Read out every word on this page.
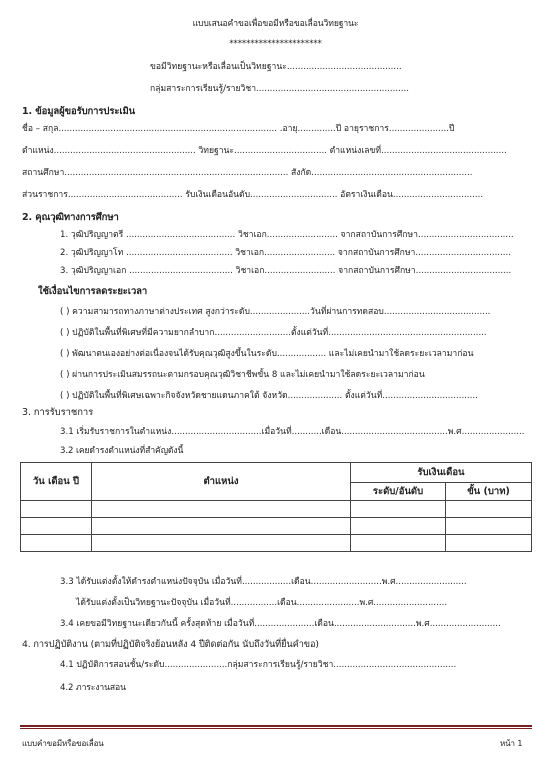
แบบเสนอคำขอเพื่อขอมีหรือขอเลื่อนวิทยฐานะ
**********************
ขอมีวิทยฐานะหรือเลื่อนเป็นวิทยฐานะ..........................................
กลุ่มสาระการเรียนรู้/รายวิชา........................................................
1. ข้อมูลผู้ขอรับการประเมิน
ชื่อ – สกุล................................................................................ .อายุ..............ปี อายุราชการ......................ปี
ตำแหน่ง.................................................... วิทยฐานะ.................................. ตำแหน่งเลขที่..............................................
สถานศึกษา.................................................................................. สังกัด...........................................................
ส่วนราชการ.......................................... รับเงินเดือนอันดับ................................ อัตราเงินเดือน.................................
2. คุณวุฒิทางการศึกษา
1. วุฒิปริญญาตรี ........................................ วิชาเอก.......................... จากสถาบันการศึกษา...................................
2. วุฒิปริญญาโท ....................................... วิชาเอก.......................... จากสถาบันการศึกษา...................................
3. วุฒิปริญญาเอก ...................................... วิชาเอก.......................... จากสถาบันการศึกษา...................................
ใช้เงื่อนไขการลดระยะเวลา
( ) ความสามารถทางภาษาต่างประเทศ สูงกว่าระดับ......................วันที่ผ่านการทดสอบ.......................................
( ) ปฏิบัติในพื้นที่พิเศษที่มีความยากลำบาก............................ตั้งแต่วันที่..........................................................
( ) พัฒนาตนเองอย่างต่อเนื่องจนได้รับคุณวุฒิสูงขึ้นในระดับ.................. และไม่เคยนำมาใช้ลดระยะเวลามาก่อน
( ) ผ่านการประเมินสมรรถนะตามกรอบคุณวุฒิวิชาชีพขั้น 8 และไม่เคยนำมาใช้ลดระยะเวลามาก่อน
( ) ปฏิบัติในพื้นที่พิเศษเฉพาะกิจจังหวัดชายแดนภาคใต้ จังหวัด.................... ตั้งแต่วันที่...................................
3. การรับราชการ
3.1 เริ่มรับราชการในตำแหน่ง.................................เมื่อวันที่...........เดือน.......................................พ.ศ.......................
3.2 เคยดำรงตำแหน่งที่สำคัญดังนี้
วัน เดือน ปี	ตำแหน่ง	รับเงินเดือน	
		ระดับ/อันดับ	ขั้น (บาท)

3.3 ได้รับแต่งตั้งให้ดำรงตำแหน่งปัจจุบัน เมื่อวันที่..................เดือน..........................พ.ศ..........................
ได้รับแต่งตั้งเป็นวิทยฐานะปัจจุบัน เมื่อวันที่.................เดือน.......................พ.ศ...........................
3.4 เคยขอมีวิทยฐานะเดียวกันนี้ ครั้งสุดท้าย เมื่อวันที่......................เดือน..............................พ.ศ..........................
4. การปฏิบัติงาน (ตามที่ปฏิบัติจริงย้อนหลัง 4 ปีติดต่อกัน นับถึงวันที่ยื่นคำขอ)
4.1 ปฏิบัติการสอนชั้น/ระดับ.......................กลุ่มสาระการเรียนรู้/รายวิชา.............................................
4.2 ภาระงานสอน
แบบคำขอมีหรือขอเลื่อน	หน้า 1
